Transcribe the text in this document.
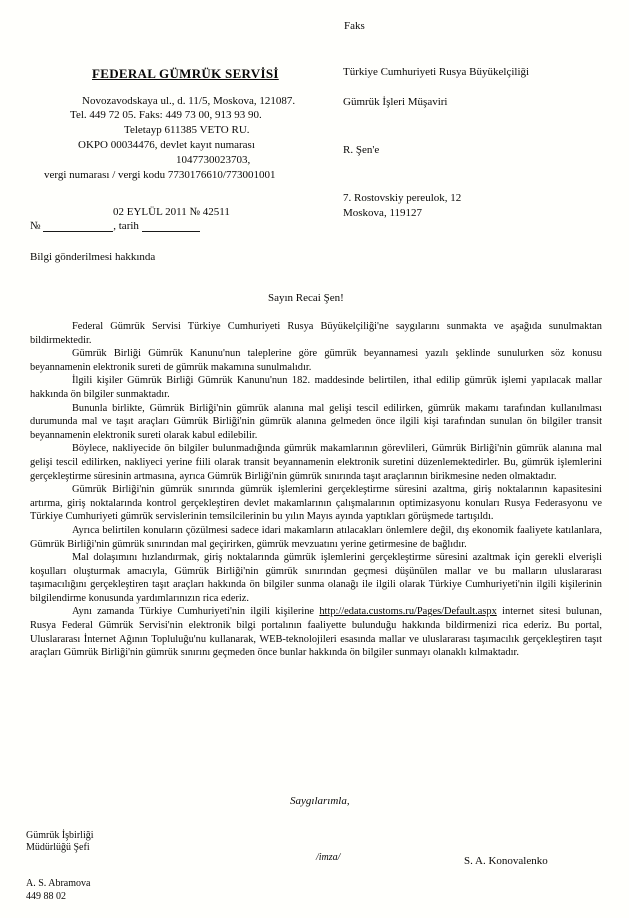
Faks
FEDERAL GÜMRÜK SERVİSİ
Novozavodskaya ul., d. 11/5, Moskova, 121087.
Tel. 449 72 05. Faks: 449 73 00, 913 93 90.
Teletayp 611385 VETO RU.
OKPO 00034476, devlet kayıt numarası
1047730023703,
vergi numarası / vergi kodu 7730176610/773001001
Türkiye Cumhuriyeti Rusya Büyükelçiliği
Gümrük İşleri Müşaviri
R. Şen'e
7. Rostovskiy pereulok, 12
Moskova, 119127
02 EYLÜL 2011 № 42511
№	, tarih
Bilgi gönderilmesi hakkında
Sayın Recai Şen!

Federal Gümrük Servisi Türkiye Cumhuriyeti Rusya Büyükelçiliği'ne saygılarını sunmakta ve aşağıda sunulmaktan bildirmektedir.

Gümrük Birliği Gümrük Kanunu'nun taleplerine göre gümrük beyannamesi yazılı şeklinde sunulurken söz konusu beyannamenin elektronik sureti de gümrük makamına sunulmalıdır.

İlgili kişiler Gümrük Birliği Gümrük Kanunu'nun 182. maddesinde belirtilen, ithal edilip gümrük işlemi yapılacak mallar hakkında ön bilgiler sunmaktadır.

Bununla birlikte, Gümrük Birliği'nin gümrük alanına mal gelişi tescil edilirken, gümrük makamı tarafından kullanılması durumunda mal ve taşıt araçları Gümrük Birliği'nin gümrük alanına gelmeden önce ilgili kişi tarafından sunulan ön bilgiler transit beyannamenin elektronik sureti olarak kabul edilebilir.

Böylece, nakliyecide ön bilgiler bulunmadığında gümrük makamlarının görevlileri, Gümrük Birliği'nin gümrük alanına mal gelişi tescil edilirken, nakliyeci yerine fiili olarak transit beyannamenin elektronik suretini düzenlemektedirler. Bu, gümrük işlemlerini gerçekleştirme süresinin artmasına, ayrıca Gümrük Birliği'nin gümrük sınırında taşıt araçlarının birikmesine neden olmaktadır.

Gümrük Birliği'nin gümrük sınırında gümrük işlemlerini gerçekleştirme süresini azaltma, giriş noktalarının kapasitesini artırma, giriş noktalarında kontrol gerçekleştiren devlet makamlarının çalışmalarının optimizasyonu konuları Rusya Federasyonu ve Türkiye Cumhuriyeti gümrük servislerinin temsilcilerinin bu yılın Mayıs ayında yaptıkları görüşmede tartışıldı.

Ayrıca belirtilen konuların çözülmesi sadece idari makamların atılacakları önlemlere değil, dış ekonomik faaliyete katılanlara, Gümrük Birliği'nin gümrük sınırından mal geçirirken, gümrük mevzuatını yerine getirmesine de bağlıdır.

Mal dolaşımını hızlandırmak, giriş noktalarında gümrük işlemlerini gerçekleştirme süresini azaltmak için gerekli elverişli koşulları oluşturmak amacıyla, Gümrük Birliği'nin gümrük sınırından geçmesi düşünülen mallar ve bu malların uluslararası taşımacılığını gerçekleştiren taşıt araçları hakkında ön bilgiler sunma olanağı ile ilgili olarak Türkiye Cumhuriyeti'nin ilgili kişilerinin bilgilendirme konusunda yardımlarınızın rica ederiz.

Aynı zamanda Türkiye Cumhuriyeti'nin ilgili kişilerine http://edata.customs.ru/Pages/Default.aspx internet sitesi bulunan, Rusya Federal Gümrük Servisi'nin elektronik bilgi portalının faaliyette bulunduğu hakkında bildirmenizi rica ederiz. Bu portal, Uluslararası İnternet Ağının Topluluğu'nu kullanarak, WEB-teknolojileri esasında mallar ve uluslararası taşımacılık gerçekleştiren taşıt araçları Gümrük Birliği'nin gümrük sınırını geçmeden önce bunlar hakkında ön bilgiler sunmayı olanaklı kılmaktadır.

Saygılarımla,
Gümrük İşbirliği
Müdürlüğü Şefi
/imza/	S. A. Konovalenko
A. S. Abramova
449 88 02
